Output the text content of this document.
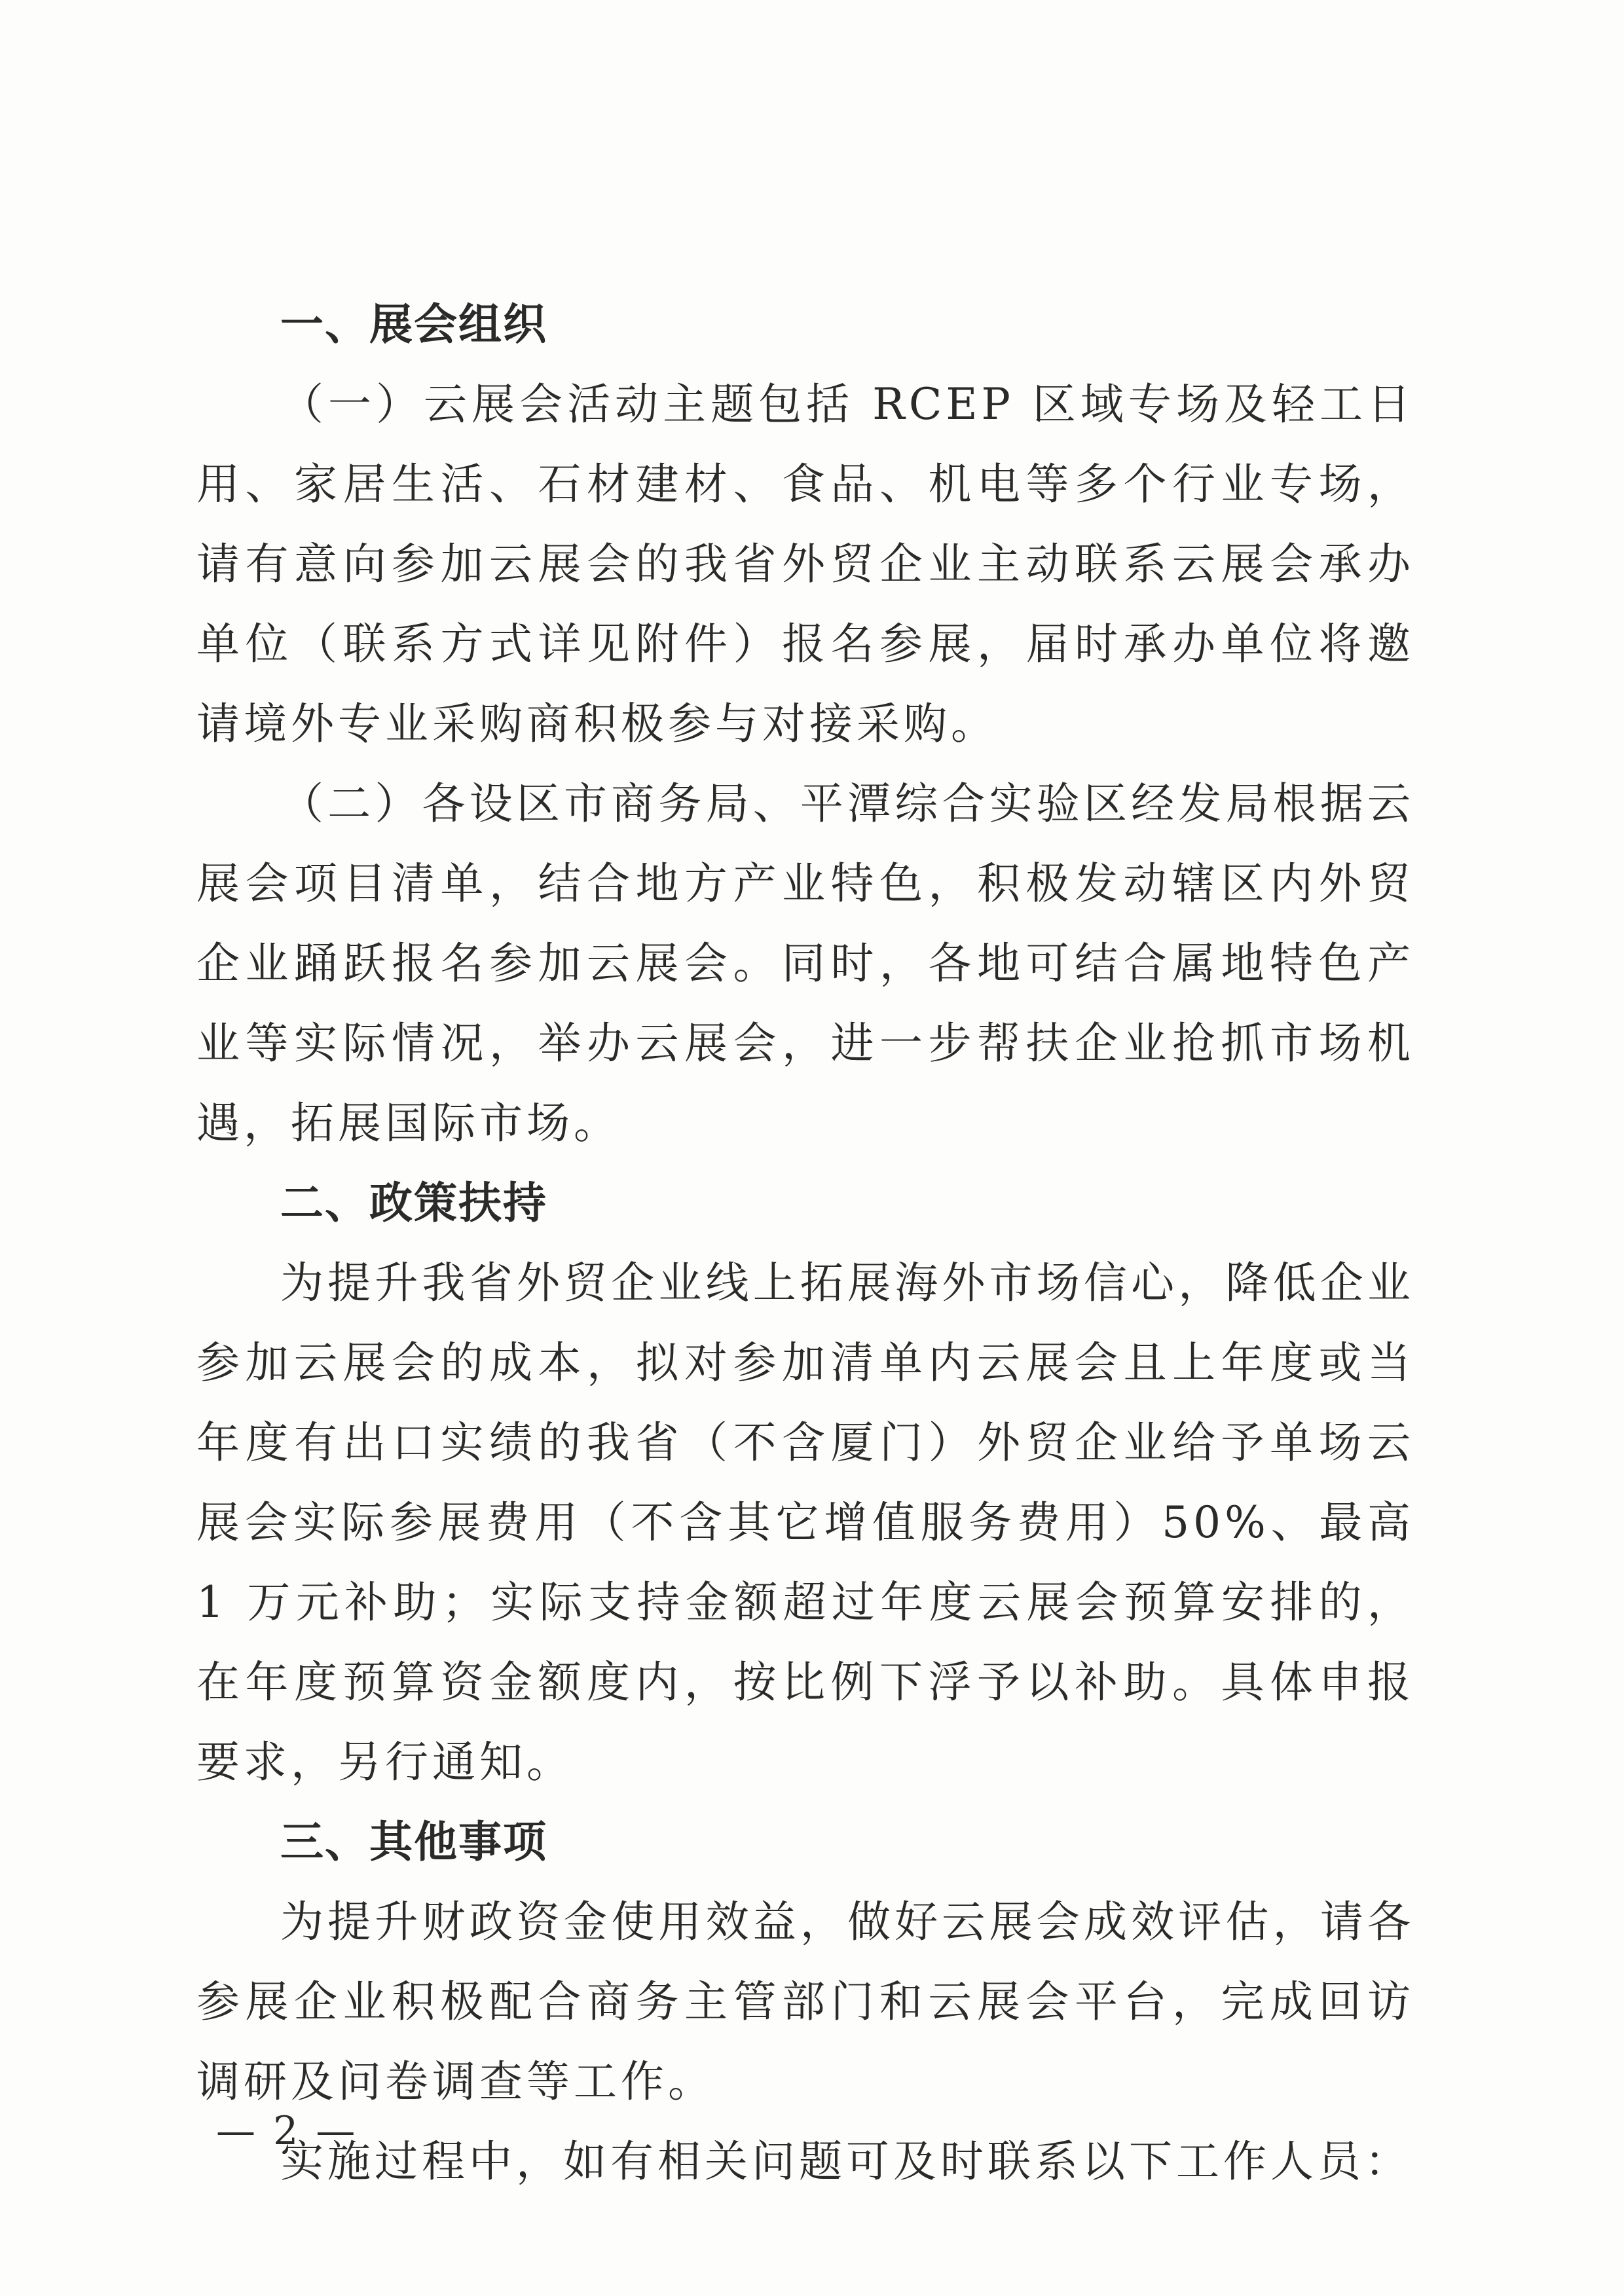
一、展会组织

（一）云展会活动主题包括 RCEP 区域专场及轻工日用、家居生活、石材建材、食品、机电等多个行业专场，请有意向参加云展会的我省外贸企业主动联系云展会承办单位（联系方式详见附件）报名参展，届时承办单位将邀请境外专业采购商积极参与对接采购。

（二）各设区市商务局、平潭综合实验区经发局根据云展会项目清单，结合地方产业特色，积极发动辖区内外贸企业踊跃报名参加云展会。同时，各地可结合属地特色产业等实际情况，举办云展会，进一步帮扶企业抢抓市场机遇，拓展国际市场。

二、政策扶持

为提升我省外贸企业线上拓展海外市场信心，降低企业参加云展会的成本，拟对参加清单内云展会且上年度或当年度有出口实绩的我省（不含厦门）外贸企业给予单场云展会实际参展费用（不含其它增值服务费用）50%、最高 1 万元补助；实际支持金额超过年度云展会预算安排的，在年度预算资金额度内，按比例下浮予以补助。具体申报要求，另行通知。

三、其他事项

为提升财政资金使用效益，做好云展会成效评估，请各参展企业积极配合商务主管部门和云展会平台，完成回访调研及问卷调查等工作。

实施过程中，如有相关问题可及时联系以下工作人员：

— 2 —
